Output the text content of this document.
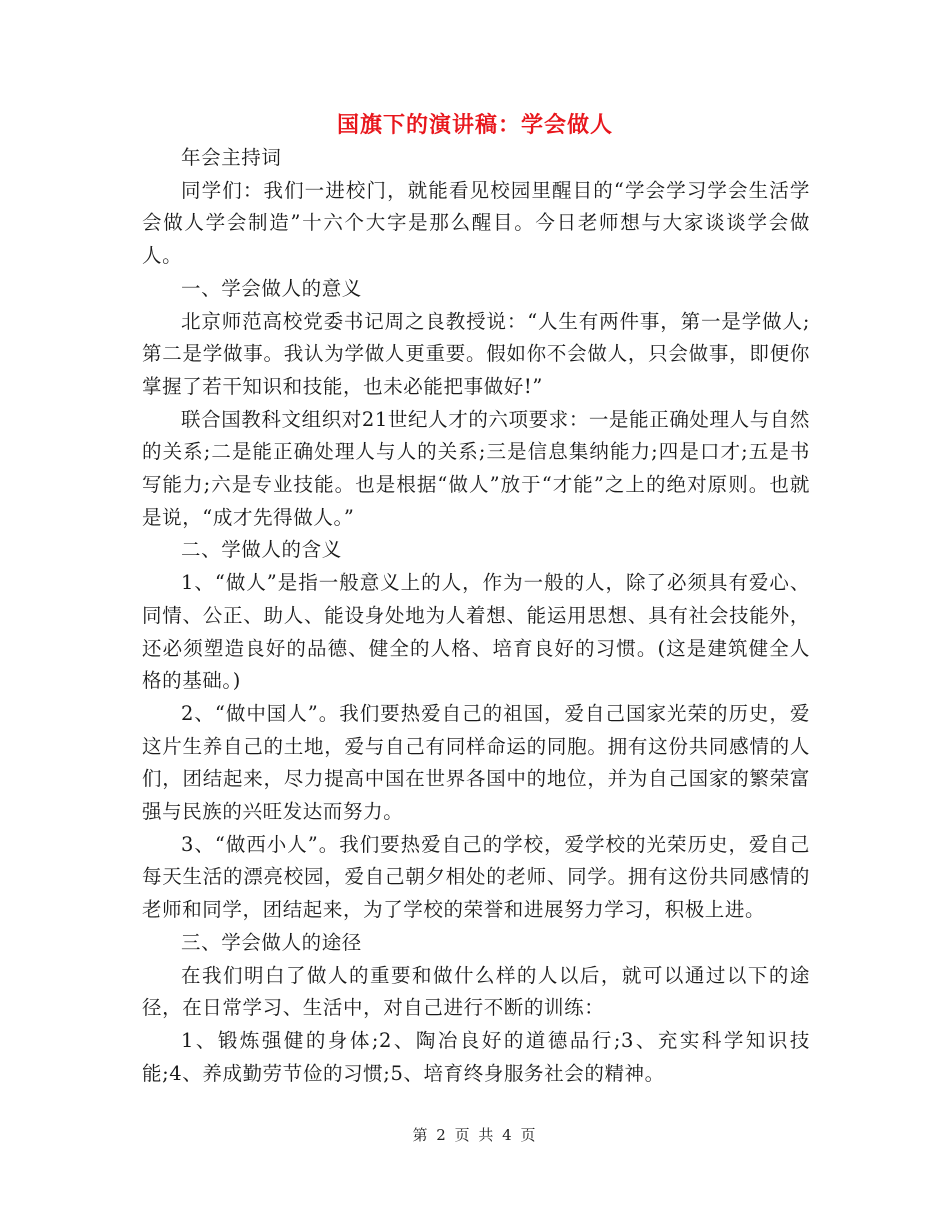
国旗下的演讲稿：学会做人

年会主持词

同学们：我们一进校门，就能看见校园里醒目的“学会学习学会生活学会做人学会制造”十六个大字是那么醒目。今日老师想与大家谈谈学会做人。

一、学会做人的意义

北京师范高校党委书记周之良教授说：“人生有两件事，第一是学做人;第二是学做事。我认为学做人更重要。假如你不会做人，只会做事，即便你掌握了若干知识和技能，也未必能把事做好!”

联合国教科文组织对21世纪人才的六项要求：一是能正确处理人与自然的关系;二是能正确处理人与人的关系;三是信息集纳能力;四是口才;五是书写能力;六是专业技能。也是根据“做人”放于“才能”之上的绝对原则。也就是说，“成才先得做人。”

二、学做人的含义

1、“做人”是指一般意义上的人，作为一般的人，除了必须具有爱心、同情、公正、助人、能设身处地为人着想、能运用思想、具有社会技能外，还必须塑造良好的品德、健全的人格、培育良好的习惯。(这是建筑健全人格的基础。)

2、“做中国人”。我们要热爱自己的祖国，爱自己国家光荣的历史，爱这片生养自己的土地，爱与自己有同样命运的同胞。拥有这份共同感情的人们，团结起来，尽力提高中国在世界各国中的地位，并为自己国家的繁荣富强与民族的兴旺发达而努力。

3、“做西小人”。我们要热爱自己的学校，爱学校的光荣历史，爱自己每天生活的漂亮校园，爱自己朝夕相处的老师、同学。拥有这份共同感情的老师和同学，团结起来，为了学校的荣誉和进展努力学习，积极上进。

三、学会做人的途径

在我们明白了做人的重要和做什么样的人以后，就可以通过以下的途径，在日常学习、生活中，对自己进行不断的训练：

1、锻炼强健的身体;2、陶冶良好的道德品行;3、充实科学知识技能;4、养成勤劳节俭的习惯;5、培育终身服务社会的精神。

第 2 页 共 4 页
